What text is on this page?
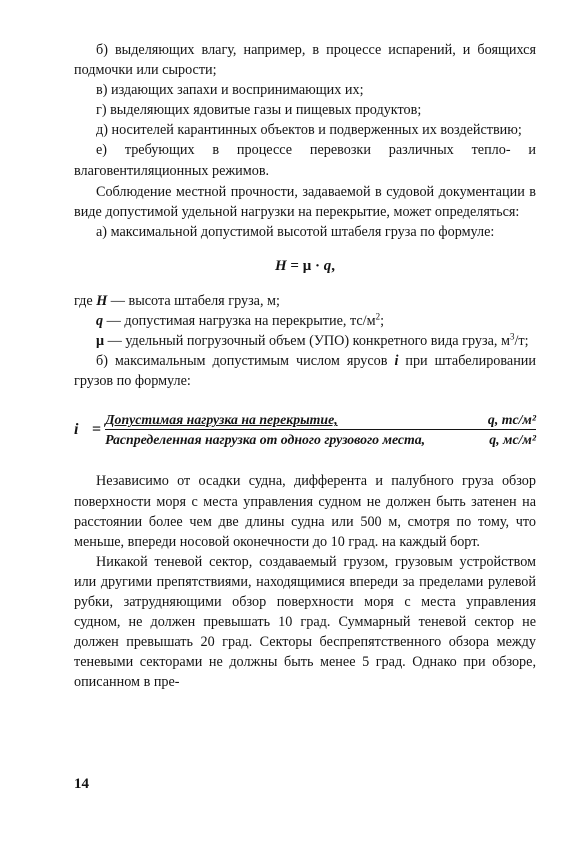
б) выделяющих влагу, например, в процессе испарений, и боящихся подмочки или сырости;

в) издающих запахи и воспринимающих их;

г) выделяющих ядовитые газы и пищевых продуктов;

д) носителей карантинных объектов и подверженных их воздействию;

е) требующих в процессе перевозки различных тепло- и влаговентиляционных режимов.

Соблюдение местной прочности, задаваемой в судовой документации в виде допустимой удельной нагрузки на перекрытие, может определяться:

а) максимальной допустимой высотой штабеля груза по формуле:

H = μ · q,

где H — высота штабеля груза, м;

q — допустимая нагрузка на перекрытие, $тс/м^2$;

μ — удельный погрузочный объем (УПО) конкретного вида груза, $м^3/т$;

б) максимальным допустимым числом ярусов i при штабелировании грузов по формуле:

i =
Допустимая нагрузка на перекрытие,	q, тс/м²
Распределенная нагрузка от одного грузового места,	q, мс/м²

Независимо от осадки судна, дифферента и палубного груза обзор поверхности моря с места управления судном не должен быть затенен на расстоянии более чем две длины судна или 500 м, смотря по тому, что меньше, впереди носовой оконечности до 10 град. на каждый борт.

Никакой теневой сектор, создаваемый грузом, грузовым устройством или другими препятствиями, находящимися впереди за пределами рулевой рубки, затрудняющими обзор поверхности моря с места управления судном, не должен превышать 10 град. Суммарный теневой сектор не должен превышать 20 град. Секторы беспрепятственного обзора между теневыми секторами не должны быть менее 5 град. Однако при обзоре, описанном в пре-

14
